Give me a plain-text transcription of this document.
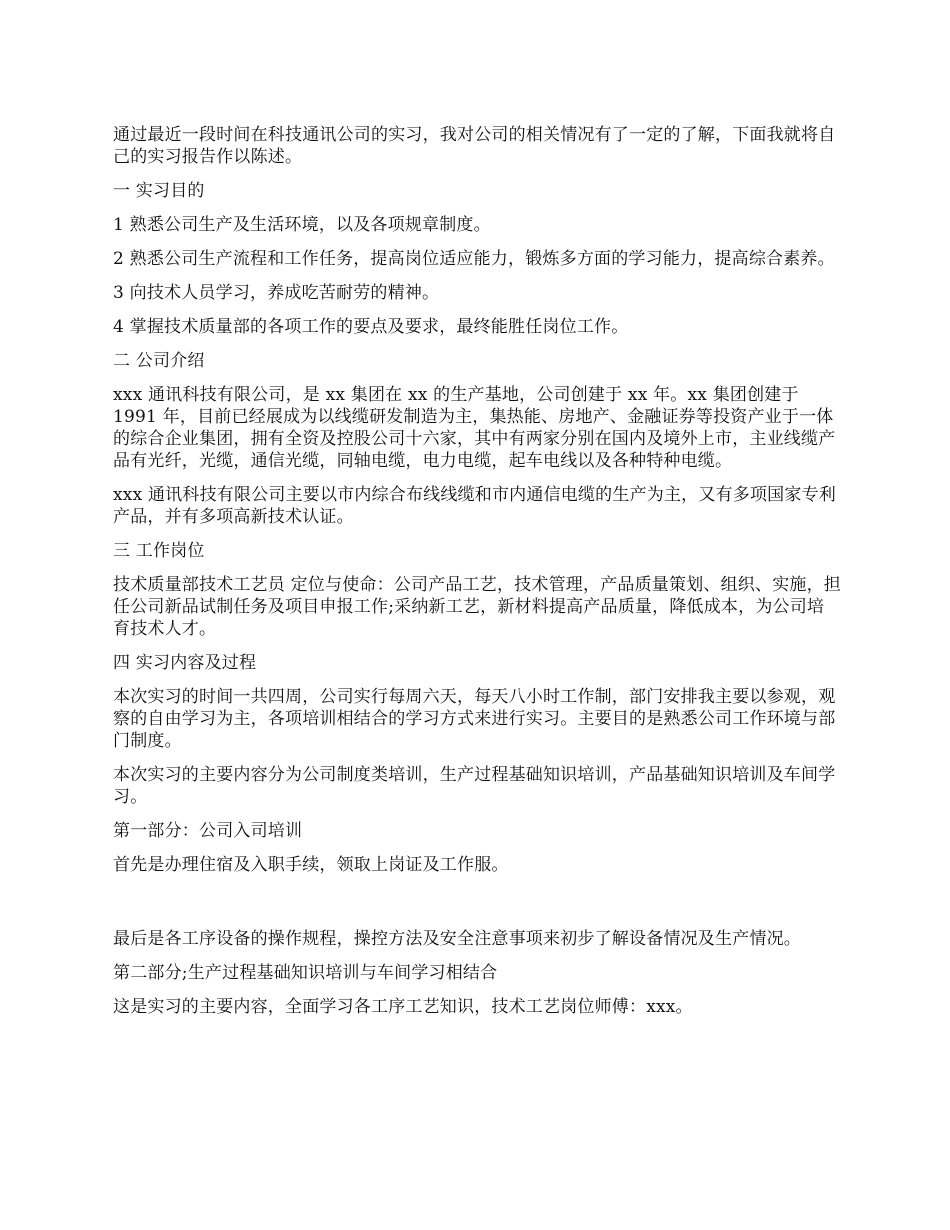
通过最近一段时间在科技通讯公司的实习，我对公司的相关情况有了一定的了解，下面我就将自己的实习报告作以陈述。

一 实习目的

1 熟悉公司生产及生活环境，以及各项规章制度。

2 熟悉公司生产流程和工作任务，提高岗位适应能力，锻炼多方面的学习能力，提高综合素养。

3 向技术人员学习，养成吃苦耐劳的精神。

4 掌握技术质量部的各项工作的要点及要求，最终能胜任岗位工作。

二 公司介绍

xxx 通讯科技有限公司，是 xx 集团在 xx 的生产基地，公司创建于 xx 年。xx 集团创建于 1991 年，目前已经展成为以线缆研发制造为主，集热能、房地产、金融证券等投资产业于一体的综合企业集团，拥有全资及控股公司十六家，其中有两家分别在国内及境外上市，主业线缆产品有光纤，光缆，通信光缆，同轴电缆，电力电缆，起车电线以及各种特种电缆。

xxx 通讯科技有限公司主要以市内综合布线线缆和市内通信电缆的生产为主，又有多项国家专利产品，并有多项高新技术认证。

三 工作岗位

技术质量部技术工艺员 定位与使命：公司产品工艺，技术管理，产品质量策划、组织、实施，担任公司新品试制任务及项目申报工作;采纳新工艺，新材料提高产品质量，降低成本，为公司培育技术人才。

四 实习内容及过程

本次实习的时间一共四周，公司实行每周六天，每天八小时工作制，部门安排我主要以参观，观察的自由学习为主，各项培训相结合的学习方式来进行实习。主要目的是熟悉公司工作环境与部门制度。

本次实习的主要内容分为公司制度类培训，生产过程基础知识培训，产品基础知识培训及车间学习。

第一部分：公司入司培训

首先是办理住宿及入职手续，领取上岗证及工作服。

最后是各工序设备的操作规程，操控方法及安全注意事项来初步了解设备情况及生产情况。

第二部分;生产过程基础知识培训与车间学习相结合

这是实习的主要内容，全面学习各工序工艺知识，技术工艺岗位师傅：xxx。
